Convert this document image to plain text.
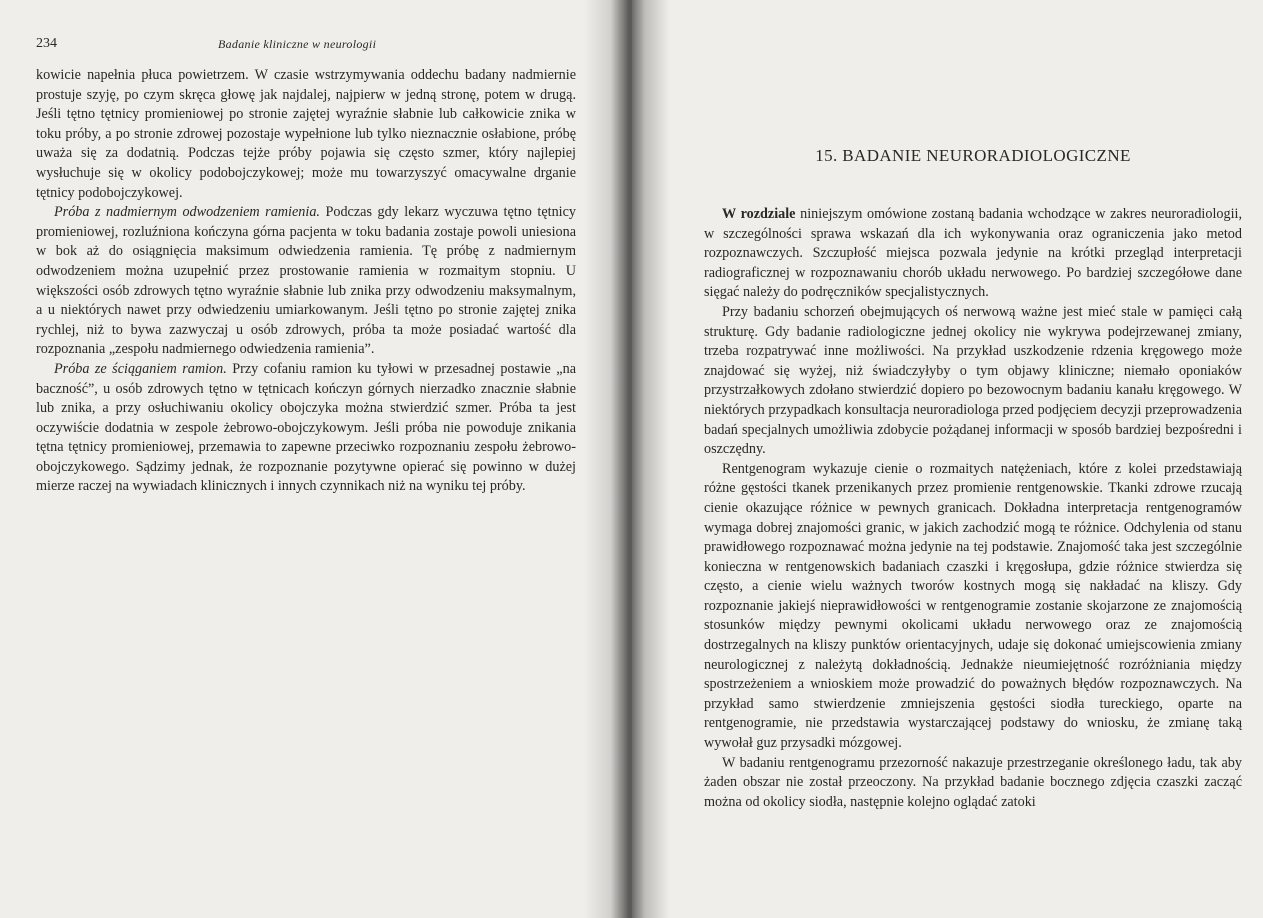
234	Badanie kliniczne w neurologii

kowicie napełnia płuca powietrzem. W czasie wstrzymywania oddechu badany nadmiernie prostuje szyję, po czym skręca głowę jak najdalej, najpierw w jedną stronę, potem w drugą. Jeśli tętno tętnicy promieniowej po stronie zajętej wyraźnie słabnie lub całkowicie znika w toku próby, a po stronie zdrowej pozostaje wypełnione lub tylko nieznacznie osłabione, próbę uważa się za dodatnią. Podczas tejże próby pojawia się często szmer, który najlepiej wysłuchuje się w okolicy podobojczykowej; może mu towarzyszyć omacywalne drganie tętnicy podobojczykowej.

Próba z nadmiernym odwodzeniem ramienia. Podczas gdy lekarz wyczuwa tętno tętnicy promieniowej, rozluźniona kończyna górna pacjenta w toku badania zostaje powoli uniesiona w bok aż do osiągnięcia maksimum odwiedzenia ramienia. Tę próbę z nadmiernym odwodzeniem można uzupełnić przez prostowanie ramienia w rozmaitym stopniu. U większości osób zdrowych tętno wyraźnie słabnie lub znika przy odwodzeniu maksymalnym, a u niektórych nawet przy odwiedzeniu umiarkowanym. Jeśli tętno po stronie zajętej znika rychlej, niż to bywa zazwyczaj u osób zdrowych, próba ta może posiadać wartość dla rozpoznania „zespołu nadmiernego odwiedzenia ramienia”.

Próba ze ściąganiem ramion. Przy cofaniu ramion ku tyłowi w przesadnej postawie „na baczność”, u osób zdrowych tętno w tętnicach kończyn górnych nierzadko znacznie słabnie lub znika, a przy osłuchiwaniu okolicy obojczyka można stwierdzić szmer. Próba ta jest oczywiście dodatnia w zespole żebrowo-obojczykowym. Jeśli próba nie powoduje znikania tętna tętnicy promieniowej, przemawia to zapewne przeciwko rozpoznaniu zespołu żebrowo-obojczykowego. Sądzimy jednak, że rozpoznanie pozytywne opierać się powinno w dużej mierze raczej na wywiadach klinicznych i innych czynnikach niż na wyniku tej próby.

15. BADANIE NEURORADIOLOGICZNE

W rozdziale niniejszym omówione zostaną badania wchodzące w zakres neuroradiologii, w szczególności sprawa wskazań dla ich wykonywania oraz ograniczenia jako metod rozpoznawczych. Szczupłość miejsca pozwala jedynie na krótki przegląd interpretacji radiograficznej w rozpoznawaniu chorób układu nerwowego. Po bardziej szczegółowe dane sięgać należy do podręczników specjalistycznych.

Przy badaniu schorzeń obejmujących oś nerwową ważne jest mieć stale w pamięci całą strukturę. Gdy badanie radiologiczne jednej okolicy nie wykrywa podejrzewanej zmiany, trzeba rozpatrywać inne możliwości. Na przykład uszkodzenie rdzenia kręgowego może znajdować się wyżej, niż świadczyłyby o tym objawy kliniczne; niemało oponiaków przystrzałkowych zdołano stwierdzić dopiero po bezowocnym badaniu kanału kręgowego. W niektórych przypadkach konsultacja neuroradiologa przed podjęciem decyzji przeprowadzenia badań specjalnych umożliwia zdobycie pożądanej informacji w sposób bardziej bezpośredni i oszczędny.

Rentgenogram wykazuje cienie o rozmaitych natężeniach, które z kolei przedstawiają różne gęstości tkanek przenikanych przez promienie rentgenowskie. Tkanki zdrowe rzucają cienie okazujące różnice w pewnych granicach. Dokładna interpretacja rentgenogramów wymaga dobrej znajomości granic, w jakich zachodzić mogą te różnice. Odchylenia od stanu prawidłowego rozpoznawać można jedynie na tej podstawie. Znajomość taka jest szczególnie konieczna w rentgenowskich badaniach czaszki i kręgosłupa, gdzie różnice stwierdza się często, a cienie wielu ważnych tworów kostnych mogą się nakładać na kliszy. Gdy rozpoznanie jakiejś nieprawidłowości w rentgenogramie zostanie skojarzone ze znajomością stosunków między pewnymi okolicami układu nerwowego oraz ze znajomością dostrzegalnych na kliszy punktów orientacyjnych, udaje się dokonać umiejscowienia zmiany neurologicznej z należytą dokładnością. Jednakże nieumiejętność rozróżniania między spostrzeżeniem a wnioskiem może prowadzić do poważnych błędów rozpoznawczych. Na przykład samo stwierdzenie zmniejszenia gęstości siodła tureckiego, oparte na rentgenogramie, nie przedstawia wystarczającej podstawy do wniosku, że zmianę taką wywołał guz przysadki mózgowej.

W badaniu rentgenogramu przezorność nakazuje przestrzeganie określonego ładu, tak aby żaden obszar nie został przeoczony. Na przykład badanie bocznego zdjęcia czaszki zacząć można od okolicy siodła, następnie kolejno oglądać zatoki
